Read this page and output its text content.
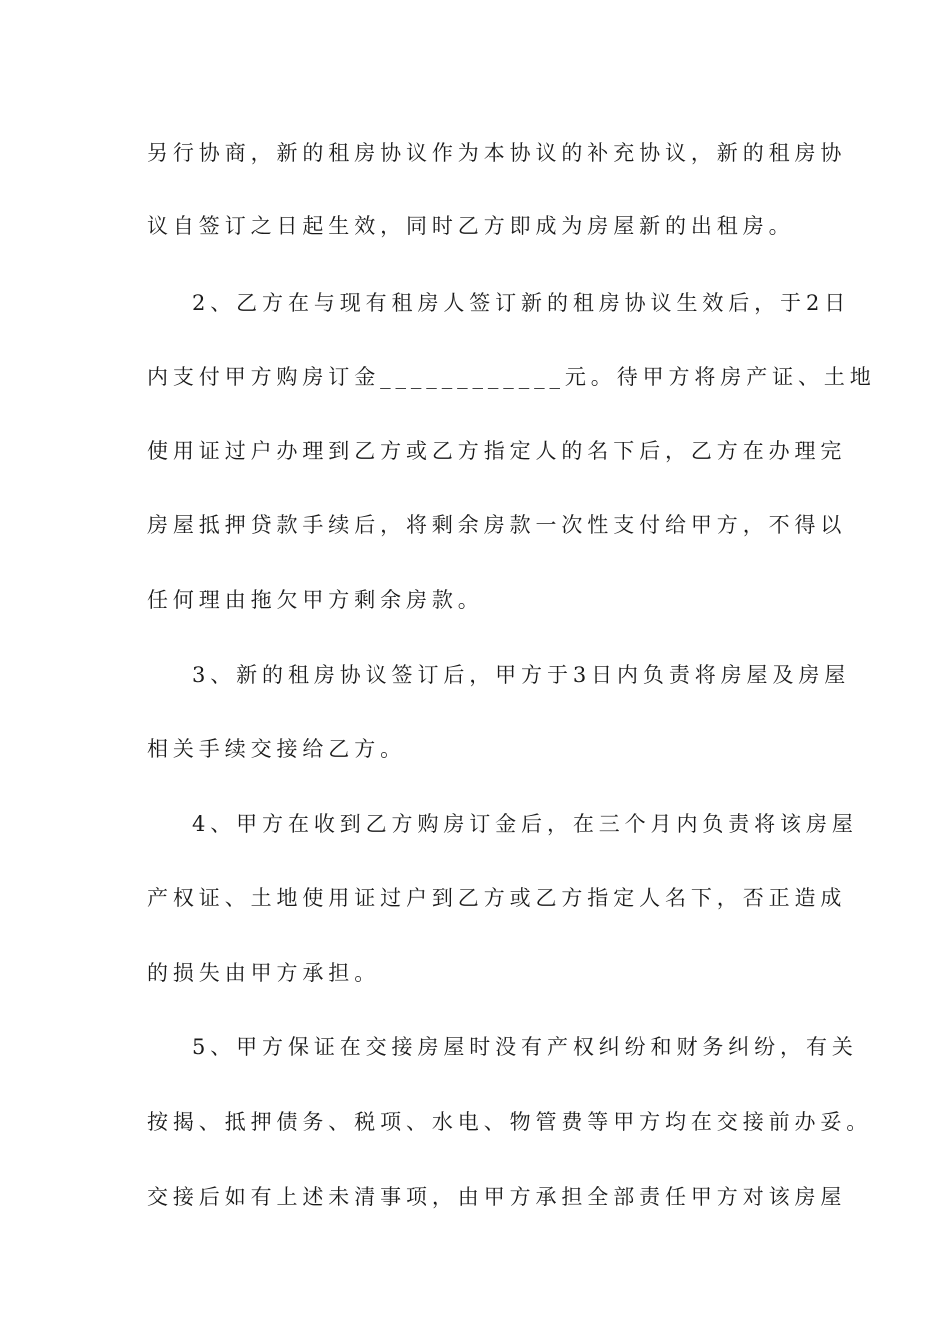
另行协商，新的租房协议作为本协议的补充协议，新的租房协
议自签订之日起生效，同时乙方即成为房屋新的出租房。
2、乙方在与现有租房人签订新的租房协议生效后，于2日
内支付甲方购房订金____________元。待甲方将房产证、土地
使用证过户办理到乙方或乙方指定人的名下后，乙方在办理完
房屋抵押贷款手续后，将剩余房款一次性支付给甲方，不得以
任何理由拖欠甲方剩余房款。
3、新的租房协议签订后，甲方于3日内负责将房屋及房屋
相关手续交接给乙方。
4、甲方在收到乙方购房订金后，在三个月内负责将该房屋
产权证、土地使用证过户到乙方或乙方指定人名下，否正造成
的损失由甲方承担。
5、甲方保证在交接房屋时没有产权纠纷和财务纠纷，有关
按揭、抵押债务、税项、水电、物管费等甲方均在交接前办妥。
交接后如有上述未清事项，由甲方承担全部责任甲方对该房屋
